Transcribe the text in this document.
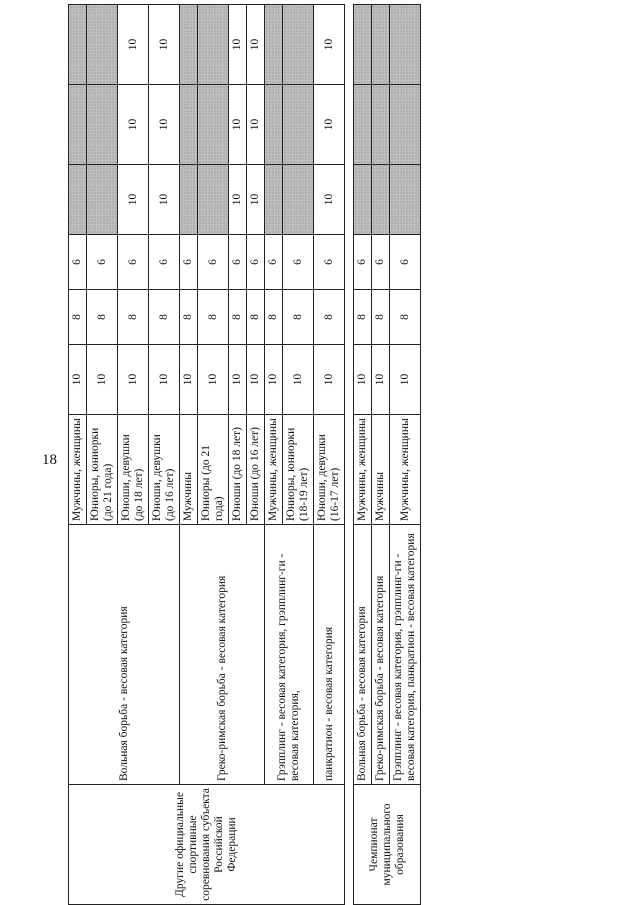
18
Другие официальные спортивные соревнования субъекта Российской Федерации	Вольная борьба - весовая категория	Мужчины, женщины	10	8	6			
		Юниоры, юниорки (до 21 года)	10	8	6			
		Юноши, девушки (до 18 лет)	10	8	6	10	10	10
		Юноши, девушки (до 16 лет)	10	8	6	10	10	10
	Греко-римская борьба - весовая категория	Мужчины	10	8	6			
		Юниоры (до 21 года)	10	8	6			
		Юноши (до 18 лет)	10	8	6	10	10	10
		Юноши (до 16 лет)	10	8	6	10	10	10
	Грэпплинг - весовая категория, грэпплинг-ги - весовая категория,	Мужчины, женщины	10	8	6			
		Юниоры, юниорки (18-19 лет)	10	8	6			
	панкратион - весовая категория	Юноши, девушки (16-17 лет)	10	8	6	10	10	10

Чемпионат муниципального образования	Вольная борьба - весовая категория	Мужчины, женщины	10	8	6			
	Греко-римская борьба - весовая категория	Мужчины	10	8	6			
	Грэпплинг - весовая категория, грэпплинг-ги - весовая категория, панкратион - весовая категория	Мужчины, женщины	10	8	6			
